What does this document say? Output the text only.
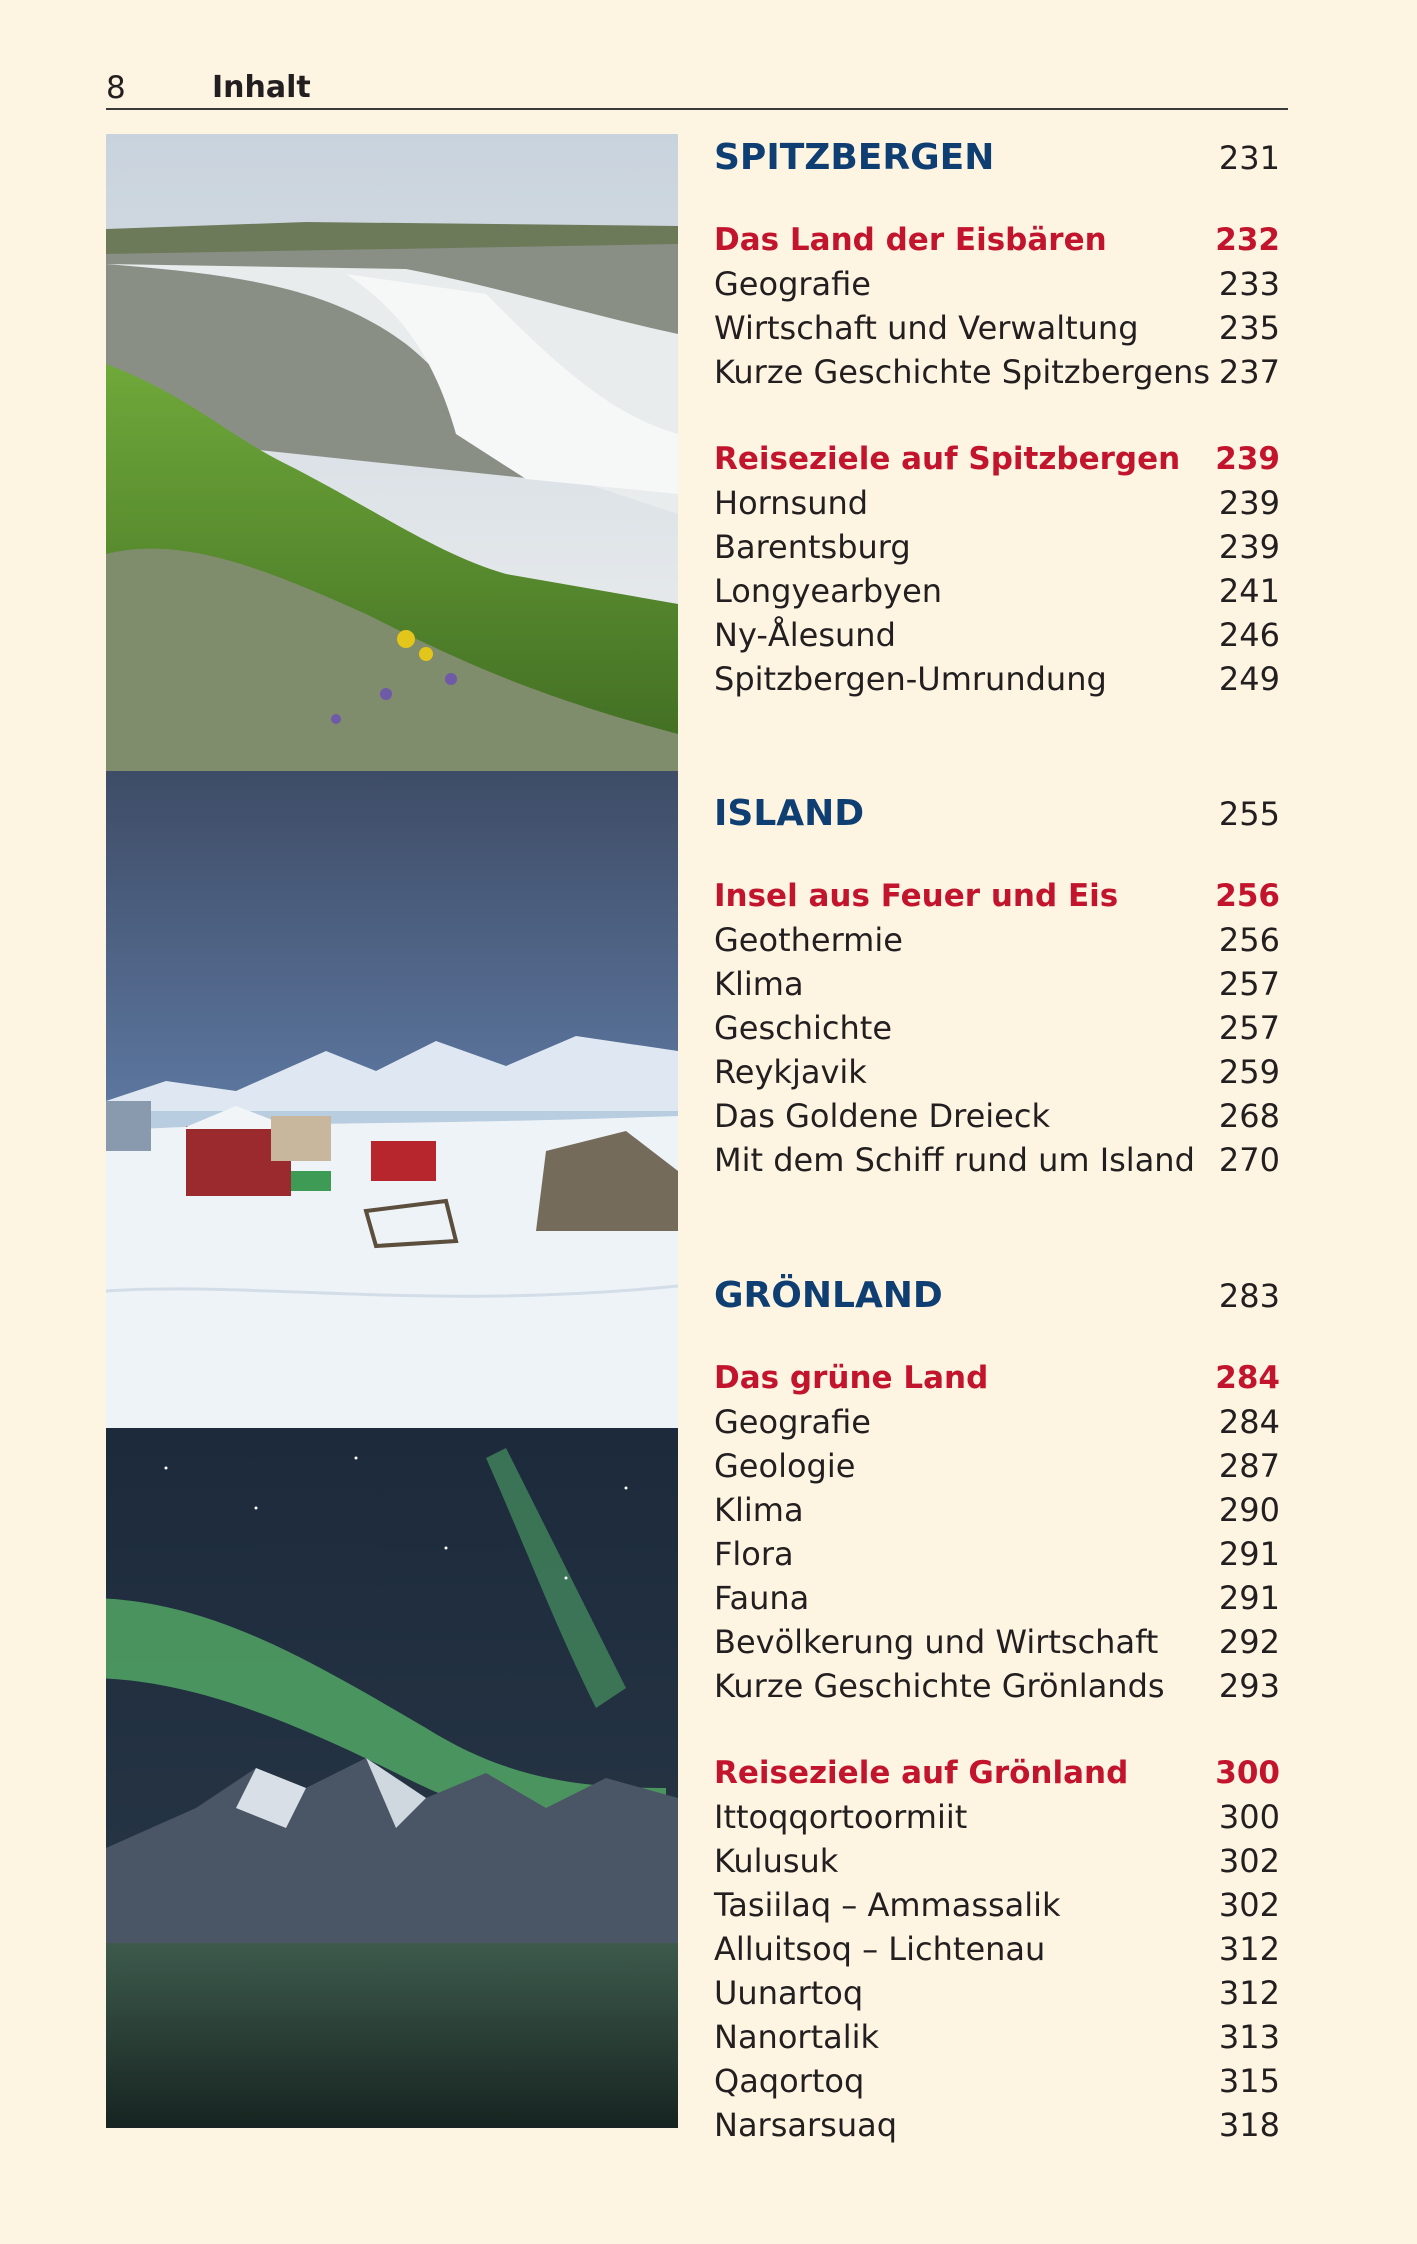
8	Inhalt
SPITZBERGEN	231
Das Land der Eisbären	232
Geografie	233
Wirtschaft und Verwaltung	235
Kurze Geschichte Spitzbergens 237
Reiseziele auf Spitzbergen 239
Hornsund	239
Barentsburg	239
Longyearbyen	241
Ny-Ålesund	246
Spitzbergen-Umrundung	249
ISLAND	255
Insel aus Feuer und Eis	256
Geothermie	256
Klima	257
Geschichte	257
Reykjavik	259
Das Goldene Dreieck	268
Mit dem Schiff rund um Island 270
GRÖNLAND	283
Das grüne Land	284
Geografie	284
Geologie	287
Klima	290
Flora	291
Fauna	291
Bevölkerung und Wirtschaft 292
Kurze Geschichte Grönlands 293
Reiseziele auf Grönland	300
Ittoqqortoormiit	300
Kulusuk	302
Tasiilaq – Ammassalik	302
Alluitsoq – Lichtenau	312
Uunartoq	312
Nanortalik	313
Qaqortoq	315
Narsarsuaq	318
